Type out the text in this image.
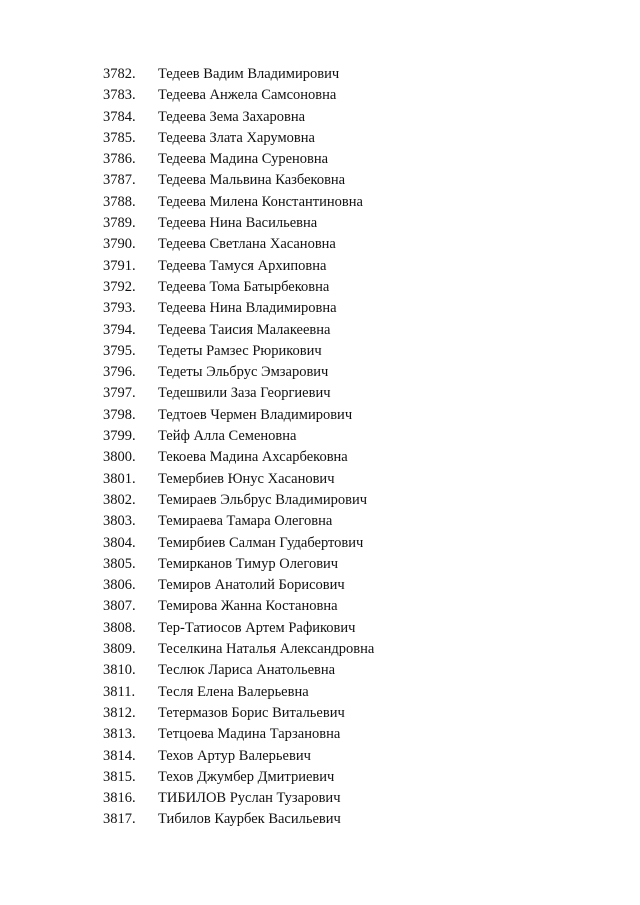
3782.	Тедеев Вадим Владимирович
3783.	Тедеева Анжела Самсоновна
3784.	Тедеева Зема Захаровна
3785.	Тедеева Злата Харумовна
3786.	Тедеева Мадина Суреновна
3787.	Тедеева Мальвина Казбековна
3788.	Тедеева Милена Константиновна
3789.	Тедеева Нина Васильевна
3790.	Тедеева Светлана Хасановна
3791.	Тедеева Тамуся Архиповна
3792.	Тедеева Тома Батырбековна
3793.	Тедеева Нина Владимировна
3794.	Тедеева Таисия Малакеевна
3795.	Тедеты Рамзес Рюрикович
3796.	Тедеты Эльбрус Эмзарович
3797.	Тедешвили Заза Георгиевич
3798.	Тедтоев Чермен Владимирович
3799.	Тейф Алла Семеновна
3800.	Текоева Мадина Ахсарбековна
3801.	Темербиев Юнус Хасанович
3802.	Темираев Эльбрус Владимирович
3803.	Темираева Тамара Олеговна
3804.	Темирбиев Салман Гудабертович
3805.	Темирканов Тимур Олегович
3806.	Темиров Анатолий Борисович
3807.	Темирова Жанна Костановна
3808.	Тер-Татиосов Артем Рафикович
3809.	Теселкина Наталья Александровна
3810.	Теслюк Лариса Анатольевна
3811.	Тесля Елена Валерьевна
3812.	Тетермазов Борис Витальевич
3813.	Тетцоева Мадина Тарзановна
3814.	Техов Артур Валерьевич
3815.	Техов Джумбер Дмитриевич
3816.	ТИБИЛОВ Руслан Тузарович
3817.	Тибилов Каурбек Васильевич
